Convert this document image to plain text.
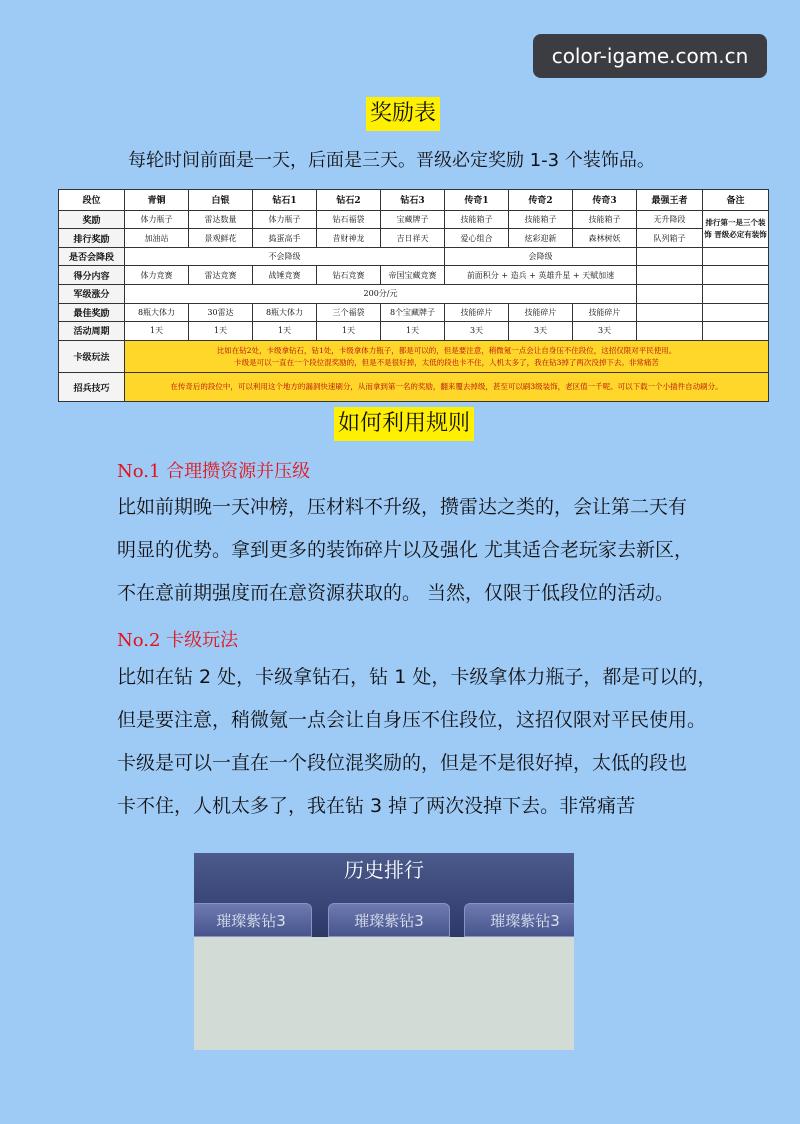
color-igame.com.cn
奖励表
每轮时间前面是一天，后面是三天。晋级必定奖励 1-3 个装饰品。
段位	青铜	白银	钻石1	钻石2	钻石3	传奇1	传奇2	传奇3	最强王者	备注
奖励	体力瓶子	雷达数量	体力瓶子	钻石福袋	宝藏牌子	技能箱子	技能箱子	技能箱子	无升降段	排行第一是三个装饰 晋级必定有装饰
排行奖励	加油站	景观鲜花	捣蛋高手	昔财神龙	吉日祥天	爱心组合	炫彩迎新	森林树妖	队列箱子	
是否会降段	不会降级					会降级				
得分内容	体力竞赛	雷达竞赛	战锤竞赛	钻石竞赛	帝国宝藏竞赛	前面积分 + 造兵 + 英雄升星 + 天赋加速				
军级涨分	200分/元									
最佳奖励	8瓶大体力	30雷达	8瓶大体力	三个福袋	8个宝藏牌子	技能碎片	技能碎片	技能碎片		
活动周期	1天	1天	1天	1天	1天	3天	3天	3天		
卡级玩法	比如在钻2处，卡级拿钻石，钻1处，卡级拿体力瓶子，都是可以的，但是要注意，稍微氪一点会让自身压不住段位，这招仅限对平民使用。
卡级是可以一直在一个段位混奖励的，但是不是很好掉，太低的段也卡不住，人机太多了，我在钻3掉了两次没掉下去。非常痛苦									

招兵技巧	在传奇后的段位中，可以利用这个地方的漏洞快速刷分，从而拿到第一名的奖励，翻来覆去掉级，甚至可以刷3级装饰，老区值一千呢。可以下载一个小插件自动刷分。									
如何利用规则
No.1 合理攒资源并压级
比如前期晚一天冲榜，压材料不升级，攒雷达之类的，会让第二天有
明显的优势。拿到更多的装饰碎片以及强化 尤其适合老玩家去新区，
不在意前期强度而在意资源获取的。 当然，仅限于低段位的活动。
No.2 卡级玩法
比如在钻 2 处，卡级拿钻石，钻 1 处，卡级拿体力瓶子，都是可以的，
但是要注意，稍微氪一点会让自身压不住段位，这招仅限对平民使用。
卡级是可以一直在一个段位混奖励的，但是不是很好掉，太低的段也
卡不住，人机太多了，我在钻 3 掉了两次没掉下去。非常痛苦
历史排行
璀璨紫钻3	璀璨紫钻3	璀璨紫钻3
